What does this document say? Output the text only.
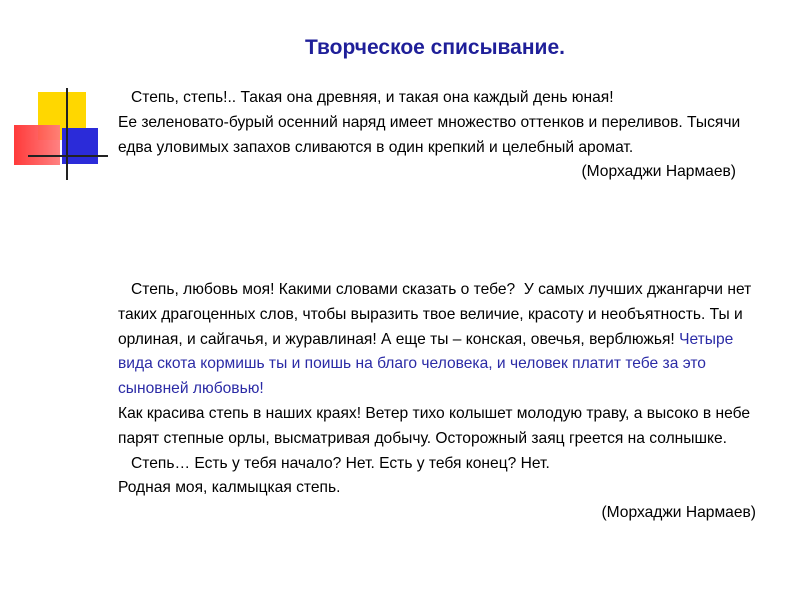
Творческое списывание.
Степь, степь!.. Такая она древняя, и такая она каждый день юная!
Ее зеленовато-бурый осенний наряд имеет множество оттенков и переливов. Тысячи едва уловимых запахов сливаются в один крепкий и целебный аромат.
(Морхаджи Нармаев)
Степь, любовь моя! Какими словами сказать о тебе?  У самых лучших джангарчи нет таких драгоценных слов, чтобы выразить твое величие, красоту и необъятность. Ты и орлиная, и сайгачья, и журавлиная! А еще ты – конская, овечья, верблюжья! Четыре вида скота кормишь ты и поишь на благо человека, и человек платит тебе за это сыновней любовью!
Как красива степь в наших краях! Ветер тихо колышет молодую траву, а высоко в небе парят степные орлы, высматривая добычу. Осторожный заяц греется на солнышке.
Степь… Есть у тебя начало? Нет. Есть у тебя конец? Нет.
Родная моя, калмыцкая степь.
(Морхаджи Нармаев)
